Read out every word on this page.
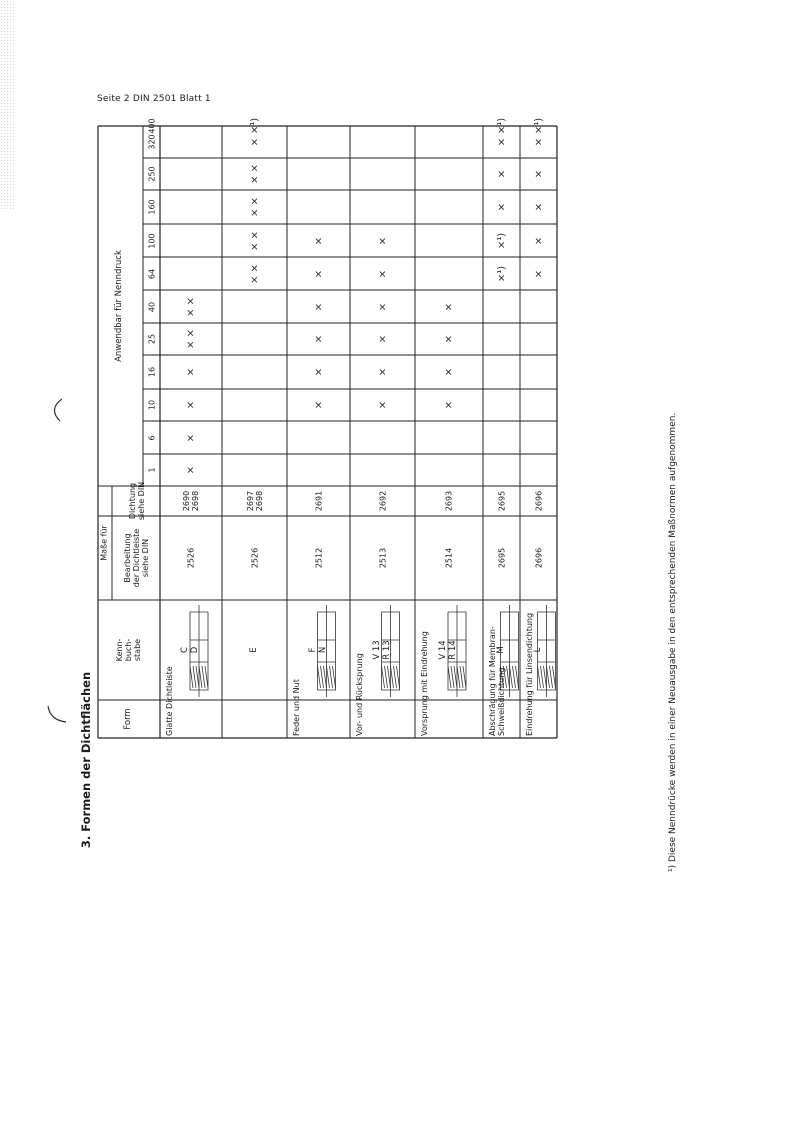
Seite 2 DIN 2501 Blatt 1
3. Formen der Dichtflächen	Form
Anwendbar für Nenndruck
Kenn-
buch-
stabe
Maße für Bearbeitung
der Dichtleiste
siehe DIN
Dichtung
siehe DIN
1
6
10
16
25
40
64
100
160
250
320
400
Glatte Dichtleiste
C
D
2526
2690
2698
×
×
×
×
× ×
× ×
E
2526
2697
2698
× ×
× ×
× ×
× ×
×
×¹)
Feder und Nut
F
N
2512
2691
×
×
×
×
×
×
Vor- und Rücksprung V 13
R 13
2513
2692
×
×
×
×
×
×
Vorsprung mit Eindrehung V 14
R 14
2514
2693
×
×
×
×
Abschrägung für Membran-
Schweißdichtung
M
2695
2695
×¹)
×¹)
×
×
×
×¹)
Eindrehung für Linsendichtung
L
2696
2696
×
×
×
×
×
×¹)
¹) Diese Nenndrücke werden in einer Neuausgabe in den entsprechenden Maßnormen aufgenommen.
